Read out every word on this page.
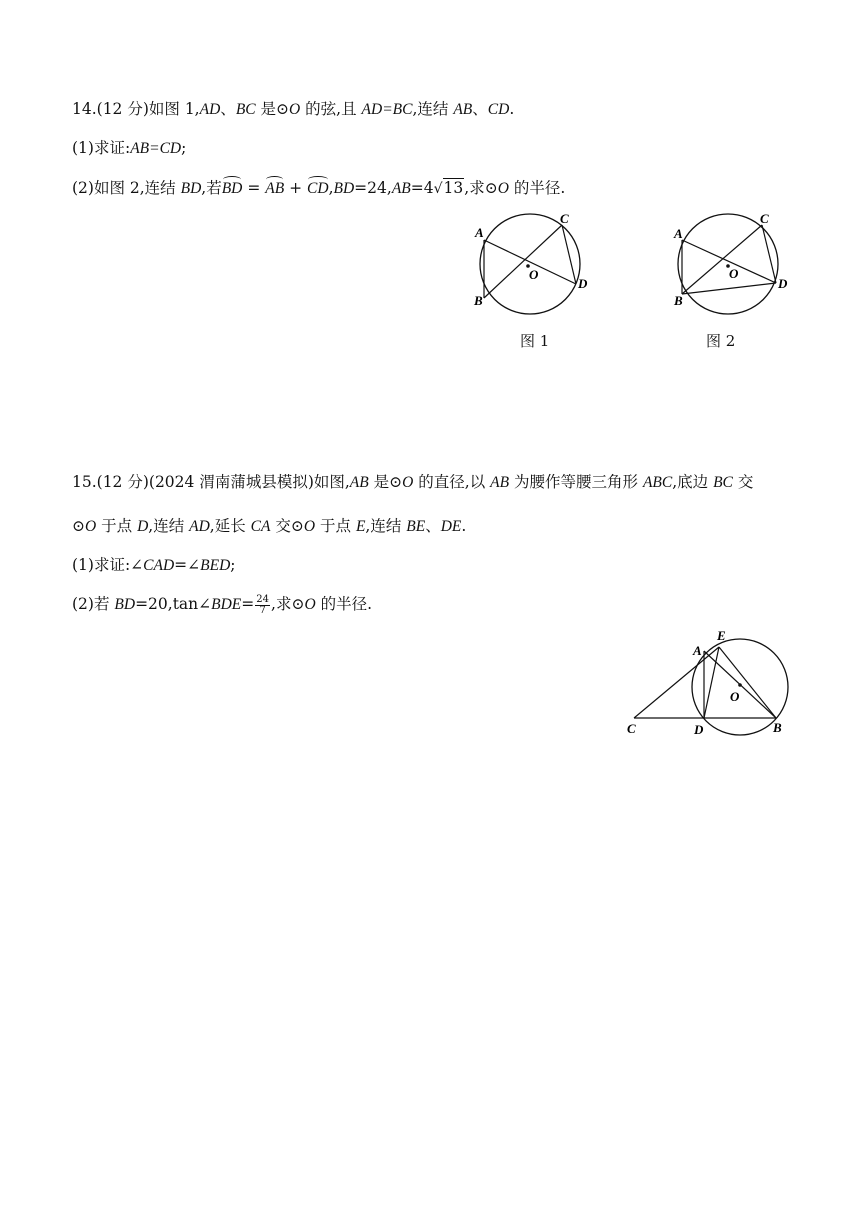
14.(12 分)如图 1,AD、BC 是⊙O 的弦,且 AD=BC,连结 AB、CD.
(1)求证:AB=CD;
(2)如图 2,连结 BD,若BD = AB + CD,BD=24,AB=4√13,求⊙O 的半径.
A
B
C
D
O
图 1
A
B
C
D
O
图 2
15.(12 分)(2024 渭南蒲城县模拟)如图,AB 是⊙O 的直径,以 AB 为腰作等腰三角形 ABC,底边 BC 交
⊙O 于点 D,连结 AD,延长 CA 交⊙O 于点 E,连结 BE、DE.
(1)求证:∠CAD=∠BED;
(2)若 BD=20,tan∠BDE= $\frac{24}{7}$ ,求⊙O 的半径.
A
E
O
C	D	B
